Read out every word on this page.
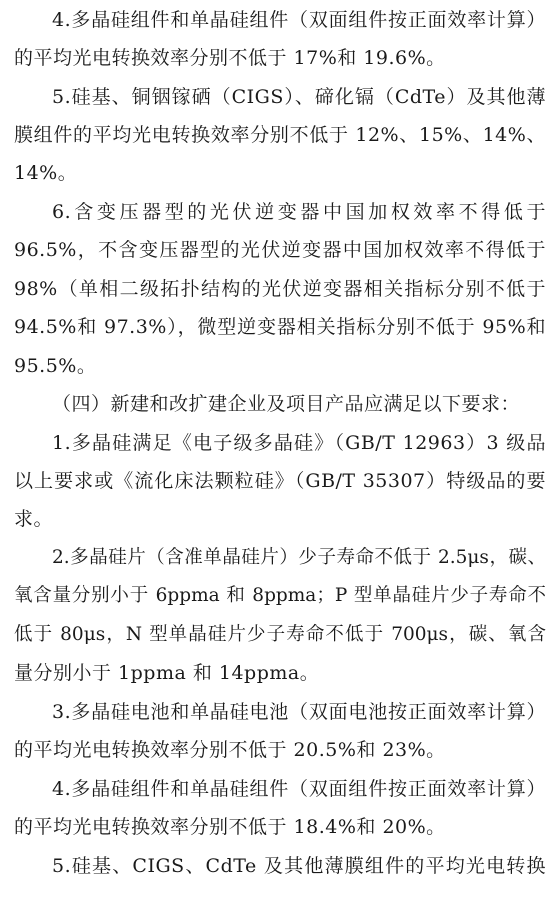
4.多晶硅组件和单晶硅组件（双面组件按正面效率计算）
的平均光电转换效率分别不低于 17%和 19.6%。
5.硅基、铜铟镓硒（CIGS）、碲化镉（CdTe）及其他薄
膜组件的平均光电转换效率分别不低于 12%、15%、14%、
14%。
6.含变压器型的光伏逆变器中国加权效率不得低于
96.5%，不含变压器型的光伏逆变器中国加权效率不得低于
98%（单相二级拓扑结构的光伏逆变器相关指标分别不低于
94.5%和 97.3%），微型逆变器相关指标分别不低于 95%和
95.5%。
（四）新建和改扩建企业及项目产品应满足以下要求：
1.多晶硅满足《电子级多晶硅》（GB/T 12963）3 级品
以上要求或《流化床法颗粒硅》（GB/T 35307）特级品的要
求。
2.多晶硅片（含准单晶硅片）少子寿命不低于 2.5μs，碳、
氧含量分别小于 6ppma 和 8ppma；P 型单晶硅片少子寿命不
低于 80μs，N 型单晶硅片少子寿命不低于 700μs，碳、氧含
量分别小于 1ppma 和 14ppma。
3.多晶硅电池和单晶硅电池（双面电池按正面效率计算）
的平均光电转换效率分别不低于 20.5%和 23%。
4.多晶硅组件和单晶硅组件（双面组件按正面效率计算）
的平均光电转换效率分别不低于 18.4%和 20%。
5.硅基、CIGS、CdTe 及其他薄膜组件的平均光电转换
